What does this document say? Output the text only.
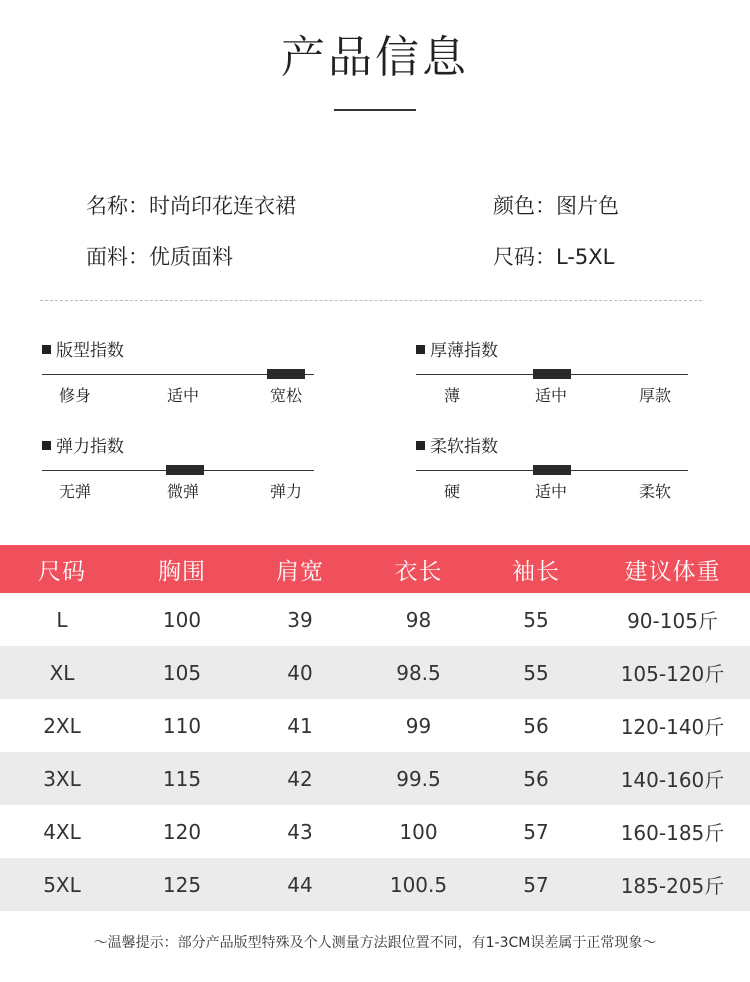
产品信息
名称：时尚印花连衣裙	颜色：图片色
面料：优质面料	尺码：L-5XL
版型指数
修身	适中	宽松
厚薄指数
薄	适中	厚款
弹力指数
无弹	微弹	弹力
柔软指数
硬	适中	柔软
尺码	胸围	肩宽	衣长	袖长	建议体重
L	100	39	98	55	90-105斤
XL	105	40	98.5	55	105-120斤
2XL	110	41	99	56	120-140斤
3XL	115	42	99.5	56	140-160斤
4XL	120	43	100	57	160-185斤
5XL	125	44	100.5	57	185-205斤
～温馨提示：部分产品版型特殊及个人测量方法跟位置不同，有1-3CM误差属于正常现象～
